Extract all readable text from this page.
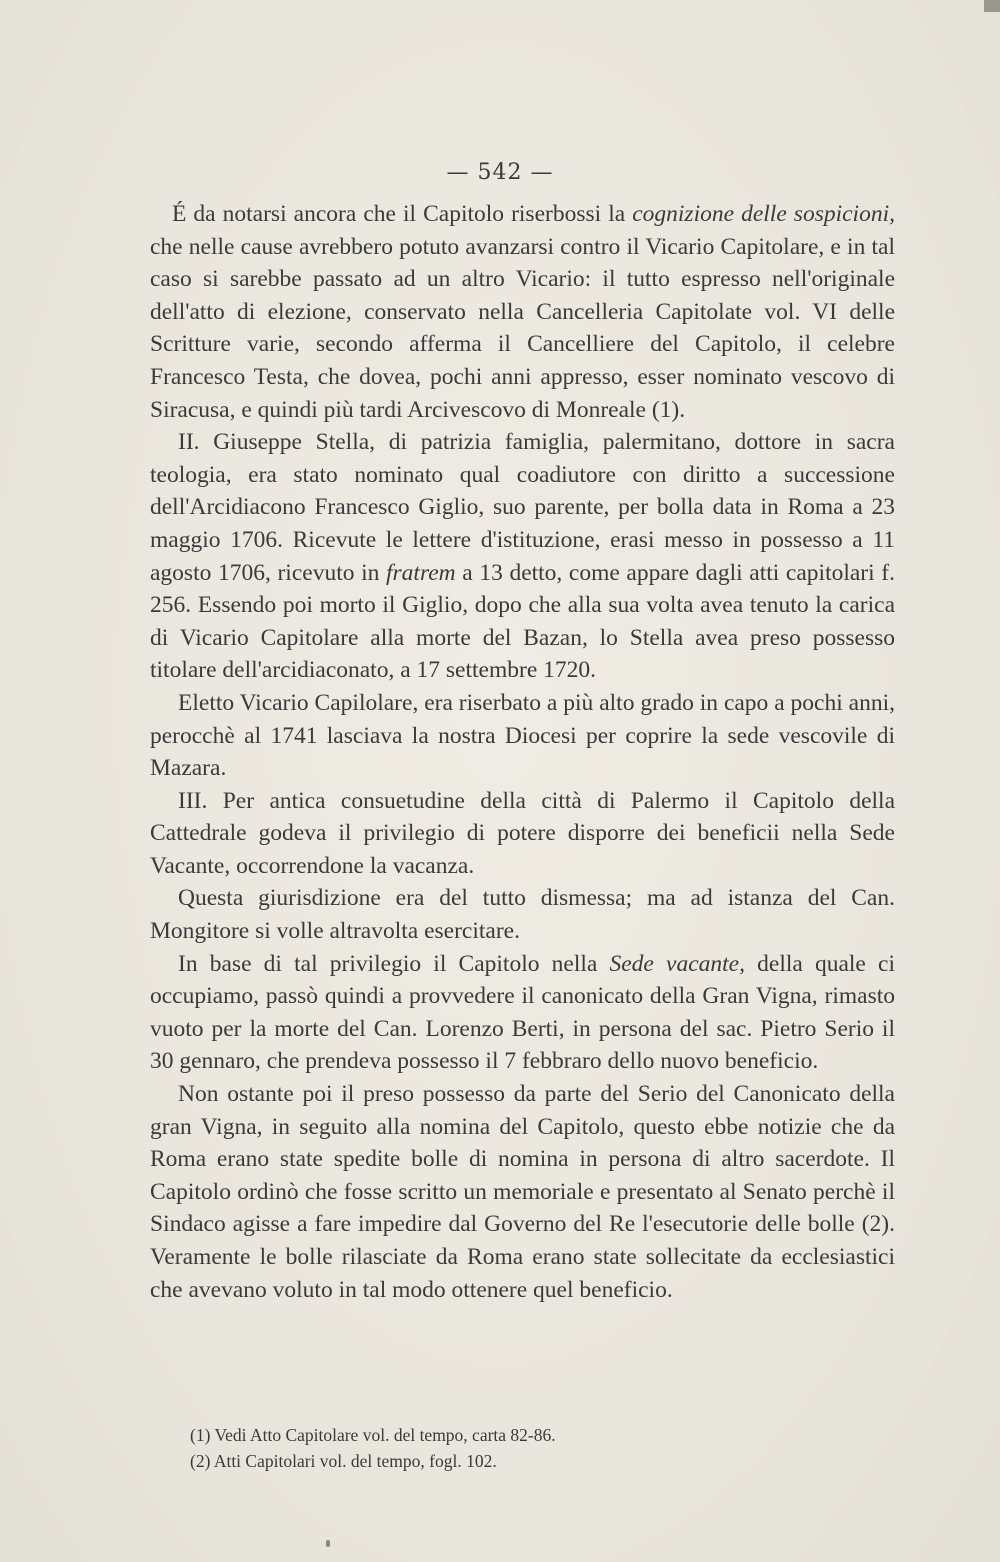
— 542 —

É da notarsi ancora che il Capitolo riserbossi la cognizione delle sospicioni, che nelle cause avrebbero potuto avanzarsi contro il Vicario Capitolare, e in tal caso si sarebbe passato ad un altro Vicario: il tutto espresso nell'originale dell'atto di elezione, conservato nella Cancelleria Capitolate vol. VI delle Scritture varie, secondo afferma il Cancelliere del Capitolo, il celebre Francesco Testa, che dovea, pochi anni appresso, esser nominato vescovo di Siracusa, e quindi più tardi Arcivescovo di Monreale (1).

II. Giuseppe Stella, di patrizia famiglia, palermitano, dottore in sacra teologia, era stato nominato qual coadiutore con diritto a successione dell'Arcidiacono Francesco Giglio, suo parente, per bolla data in Roma a 23 maggio 1706. Ricevute le lettere d'istituzione, erasi messo in possesso a 11 agosto 1706, ricevuto in fratrem a 13 detto, come appare dagli atti capitolari f. 256. Essendo poi morto il Giglio, dopo che alla sua volta avea tenuto la carica di Vicario Capitolare alla morte del Bazan, lo Stella avea preso possesso titolare dell'arcidiaconato, a 17 settembre 1720.

Eletto Vicario Capilolare, era riserbato a più alto grado in capo a pochi anni, perocchè al 1741 lasciava la nostra Diocesi per coprire la sede vescovile di Mazara.

III. Per antica consuetudine della città di Palermo il Capitolo della Cattedrale godeva il privilegio di potere disporre dei beneficii nella Sede Vacante, occorrendone la vacanza.

Questa giurisdizione era del tutto dismessa; ma ad istanza del Can. Mongitore si volle altravolta esercitare.

In base di tal privilegio il Capitolo nella Sede vacante, della quale ci occupiamo, passò quindi a provvedere il canonicato della Gran Vigna, rimasto vuoto per la morte del Can. Lorenzo Berti, in persona del sac. Pietro Serio il 30 gennaro, che prendeva possesso il 7 febbraro dello nuovo beneficio.

Non ostante poi il preso possesso da parte del Serio del Canonicato della gran Vigna, in seguito alla nomina del Capitolo, questo ebbe notizie che da Roma erano state spedite bolle di nomina in persona di altro sacerdote. Il Capitolo ordinò che fosse scritto un memoriale e presentato al Senato perchè il Sindaco agisse a fare impedire dal Governo del Re l'esecutorie delle bolle (2). Veramente le bolle rilasciate da Roma erano state sollecitate da ecclesiastici che avevano voluto in tal modo ottenere quel beneficio.

(1) Vedi Atto Capitolare vol. del tempo, carta 82-86.
(2) Atti Capitolari vol. del tempo, fogl. 102.
